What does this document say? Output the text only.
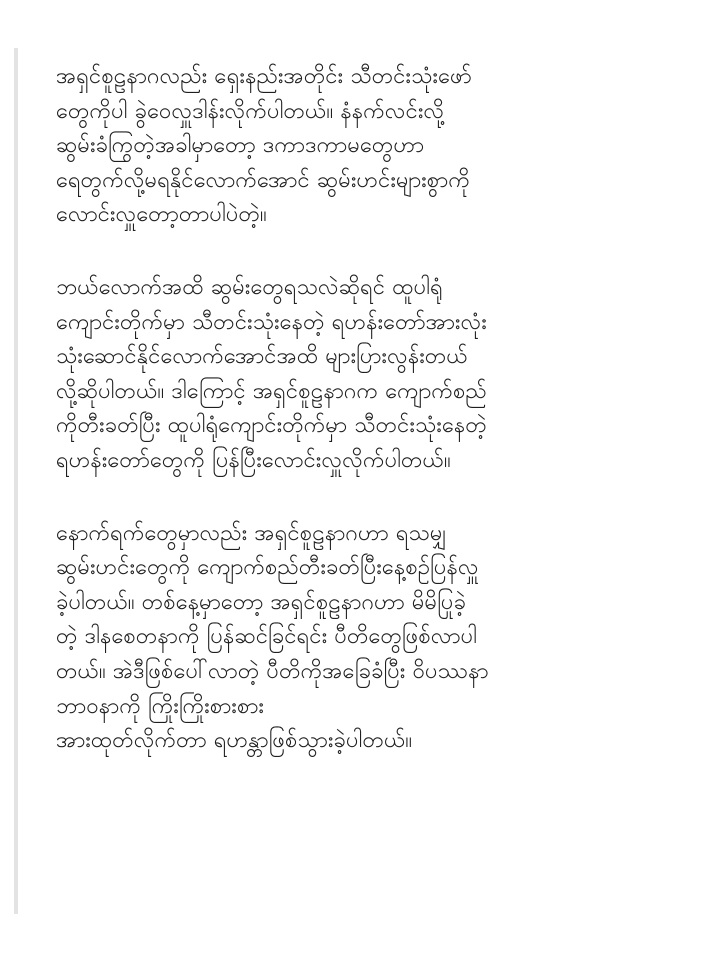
အရှင်စူဠနာဂလည်း ရှေးနည်းအတိုင်း သီတင်းသုံးဖော်
တွေကိုပါ ခွဲဝေလှူဒါန်းလိုက်ပါတယ်။ နံနက်လင်းလို့
ဆွမ်းခံကြွတဲ့အခါမှာတော့ ဒကာဒကာမတွေဟာ
ရေတွက်လို့မရနိုင်လောက်အောင် ဆွမ်းဟင်းများစွာကို
လောင်းလှူတော့တာပါပဲတဲ့။

ဘယ်လောက်အထိ ဆွမ်းတွေရသလဲဆိုရင် ထူပါရုံ
ကျောင်းတိုက်မှာ သီတင်းသုံးနေတဲ့ ရဟန်းတော်အားလုံး
သုံးဆောင်နိုင်လောက်အောင်အထိ များပြားလွန်းတယ်
လို့ဆိုပါတယ်။ ဒါကြောင့် အရှင်စူဠနာဂက ကျောက်စည်
ကိုတီးခတ်ပြီး ထူပါရုံကျောင်းတိုက်မှာ သီတင်းသုံးနေတဲ့
ရဟန်းတော်တွေကို ပြန်ပြီးလောင်းလှူလိုက်ပါတယ်။

နောက်ရက်တွေမှာလည်း အရှင်စူဠနာဂဟာ ရသမျှ
ဆွမ်းဟင်းတွေကို ကျောက်စည်တီးခတ်ပြီးနေ့စဉ်ပြန်လှူ
ခဲ့ပါတယ်။ တစ်နေ့မှာတော့ အရှင်စူဠနာဂဟာ မိမိပြုခဲ့
တဲ့ ဒါနစေတနာကို ပြန်ဆင်ခြင်ရင်း ပီတိတွေဖြစ်လာပါ
တယ်။ အဲဒီဖြစ်ပေါ်လာတဲ့ ပီတိကိုအခြေခံပြီး ဝိပဿနာ
ဘာဝနာကို ကြိုးကြိုးစားစား
အားထုတ်လိုက်တာ ရဟန္တာဖြစ်သွားခဲ့ပါတယ်။
